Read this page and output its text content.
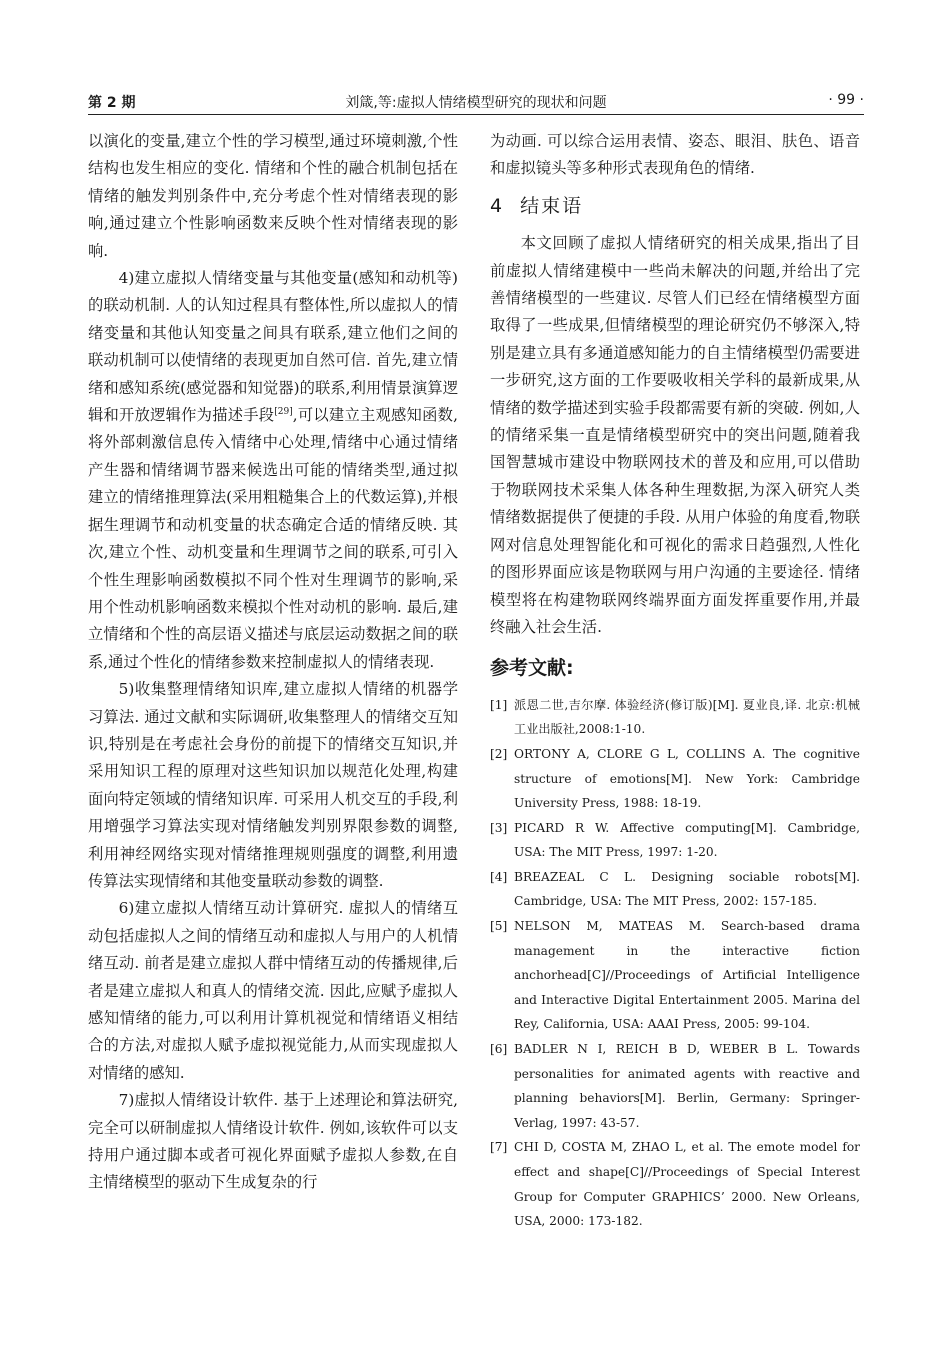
第 2 期	刘箴,等:虚拟人情绪模型研究的现状和问题	· 99 ·

以演化的变量,建立个性的学习模型,通过环境刺激,个性结构也发生相应的变化. 情绪和个性的融合机制包括在情绪的触发判别条件中,充分考虑个性对情绪表现的影响,通过建立个性影响函数来反映个性对情绪表现的影响.

4)建立虚拟人情绪变量与其他变量(感知和动机等)的联动机制. 人的认知过程具有整体性,所以虚拟人的情绪变量和其他认知变量之间具有联系,建立他们之间的联动机制可以使情绪的表现更加自然可信. 首先,建立情绪和感知系统(感觉器和知觉器)的联系,利用情景演算逻辑和开放逻辑作为描述手段[29],可以建立主观感知函数,将外部刺激信息传入情绪中心处理,情绪中心通过情绪产生器和情绪调节器来候选出可能的情绪类型,通过拟建立的情绪推理算法(采用粗糙集合上的代数运算),并根据生理调节和动机变量的状态确定合适的情绪反映. 其次,建立个性、动机变量和生理调节之间的联系,可引入个性生理影响函数模拟不同个性对生理调节的影响,采用个性动机影响函数来模拟个性对动机的影响. 最后,建立情绪和个性的高层语义描述与底层运动数据之间的联系,通过个性化的情绪参数来控制虚拟人的情绪表现.

5)收集整理情绪知识库,建立虚拟人情绪的机器学习算法. 通过文献和实际调研,收集整理人的情绪交互知识,特别是在考虑社会身份的前提下的情绪交互知识,并采用知识工程的原理对这些知识加以规范化处理,构建面向特定领域的情绪知识库. 可采用人机交互的手段,利用增强学习算法实现对情绪触发判别界限参数的调整,利用神经网络实现对情绪推理规则强度的调整,利用遗传算法实现情绪和其他变量联动参数的调整.

6)建立虚拟人情绪互动计算研究. 虚拟人的情绪互动包括虚拟人之间的情绪互动和虚拟人与用户的人机情绪互动. 前者是建立虚拟人群中情绪互动的传播规律,后者是建立虚拟人和真人的情绪交流. 因此,应赋予虚拟人感知情绪的能力,可以利用计算机视觉和情绪语义相结合的方法,对虚拟人赋予虚拟视觉能力,从而实现虚拟人对情绪的感知.

7)虚拟人情绪设计软件. 基于上述理论和算法研究,完全可以研制虚拟人情绪设计软件. 例如,该软件可以支持用户通过脚本或者可视化界面赋予虚拟人参数,在自主情绪模型的驱动下生成复杂的行

为动画. 可以综合运用表情、姿态、眼泪、肤色、语音和虚拟镜头等多种形式表现角色的情绪.

4 结束语

本文回顾了虚拟人情绪研究的相关成果,指出了目前虚拟人情绪建模中一些尚未解决的问题,并给出了完善情绪模型的一些建议. 尽管人们已经在情绪模型方面取得了一些成果,但情绪模型的理论研究仍不够深入,特别是建立具有多通道感知能力的自主情绪模型仍需要进一步研究,这方面的工作要吸收相关学科的最新成果,从情绪的数学描述到实验手段都需要有新的突破. 例如,人的情绪采集一直是情绪模型研究中的突出问题,随着我国智慧城市建设中物联网技术的普及和应用,可以借助于物联网技术采集人体各种生理数据,为深入研究人类情绪数据提供了便捷的手段. 从用户体验的角度看,物联网对信息处理智能化和可视化的需求日趋强烈,人性化的图形界面应该是物联网与用户沟通的主要途径. 情绪模型将在构建物联网终端界面方面发挥重要作用,并最终融入社会生活.

参考文献:
[1] 派恩二世,吉尔摩. 体验经济(修订版)[M]. 夏业良,译. 北京:机械工业出版社,2008:1-10.
[2] ORTONY A, CLORE G L, COLLINS A. The cognitive structure of emotions[M]. New York: Cambridge University Press, 1988: 18-19.
[3] PICARD R W. Affective computing[M]. Cambridge, USA: The MIT Press, 1997: 1-20.
[4] BREAZEAL C L. Designing sociable robots[M]. Cambridge, USA: The MIT Press, 2002: 157-185.
[5] NELSON M, MATEAS M. Search-based drama management in the interactive fiction anchorhead[C]//Proceedings of Artificial Intelligence and Interactive Digital Entertainment 2005. Marina del Rey, California, USA: AAAI Press, 2005: 99-104.
[6] BADLER N I, REICH B D, WEBER B L. Towards personalities for animated agents with reactive and planning behaviors[M]. Berlin, Germany: Springer-Verlag, 1997: 43-57.
[7] CHI D, COSTA M, ZHAO L, et al. The emote model for effect and shape[C]//Proceedings of Special Interest Group for Computer GRAPHICS’ 2000. New Orleans, USA, 2000: 173-182.
